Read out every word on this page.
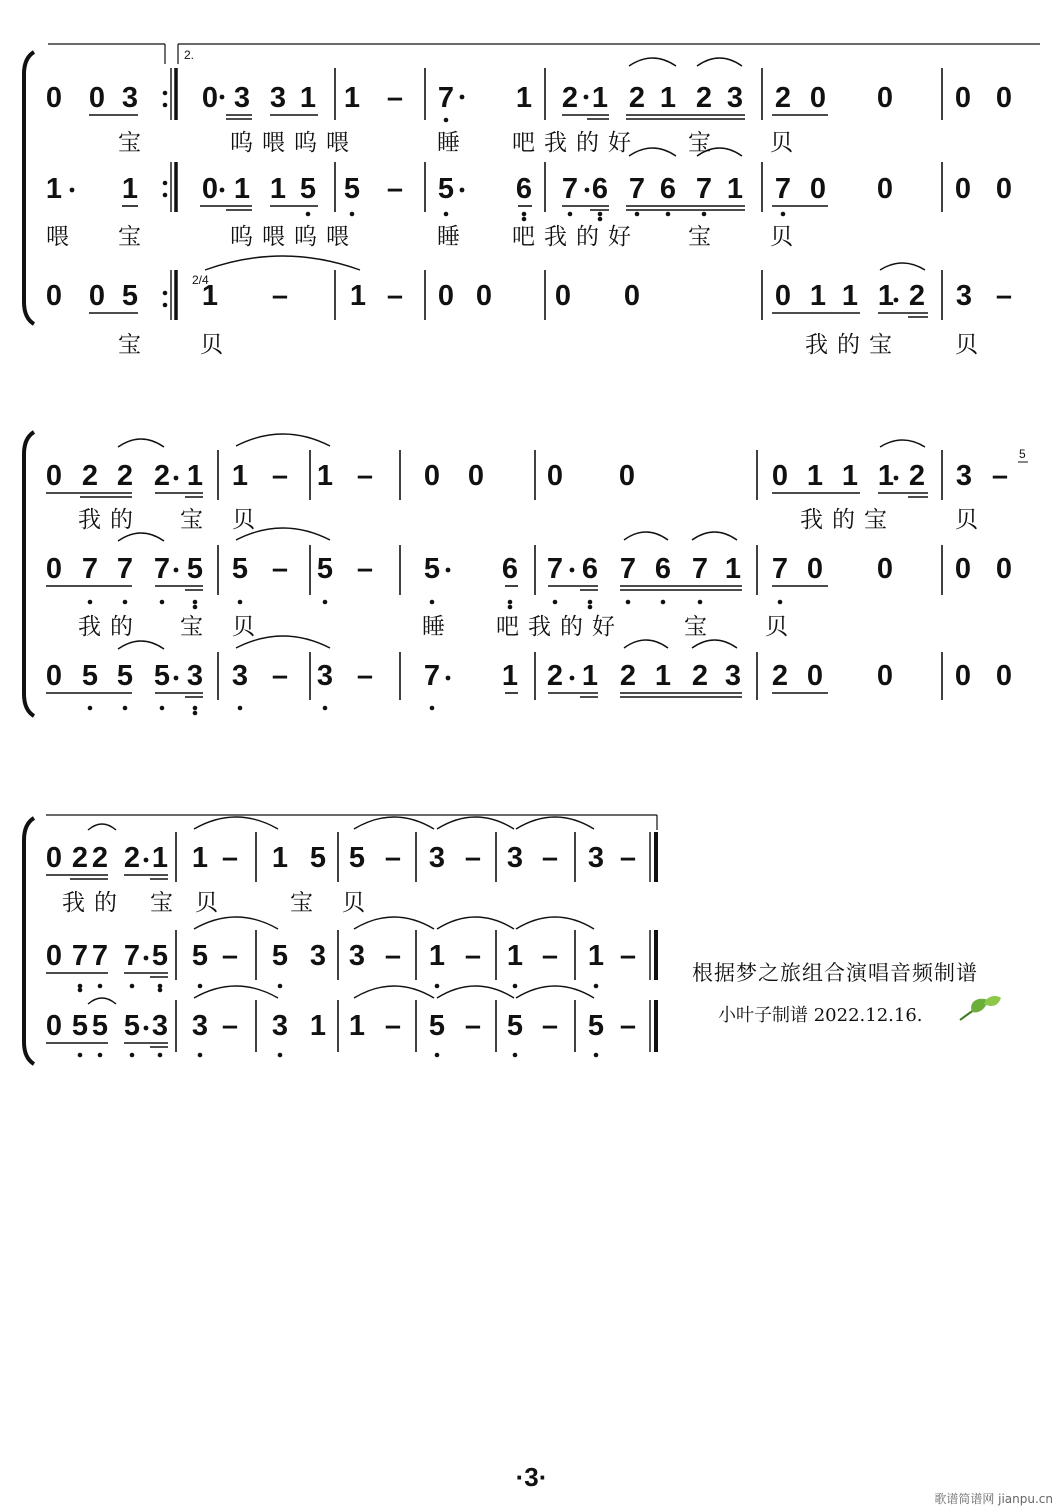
2.
0 0 3 0 3 3 1 1 – 7 1 2 1 2 1 2 3 2 0 0 0 0
宝	呜喂呜喂	睡 吧我的好 宝 贝
1 1 0 1 1 5 5 – 5 6 7 6 7 6 7 1 7 0 0 0 0
喂 宝	呜喂呜喂	睡 吧我的好 宝 贝
0 0 5 1 – 1 – 0 0 0 0	0 1 1 1 2 3 –
2/4
宝 贝	我的宝 贝
0 2 2 2 1 1 – 1 – 0 0 0 0	0 1 1 1 2 3 –
5
我的 宝 贝	我的宝	贝
0 7 7 7 5 5 – 5 – 5 6 7 6 7 6 7 1 7 0 0 0 0
我的 宝 贝	睡 吧我的好	宝 贝
0 5 5 5 3 3 – 3 – 7 1 2 1 2 1 2 3 2 0 0 0 0
0 2 2 2 1 1 – 1 5 5 – 3 – 3 – 3 –
我的 宝 贝	宝 贝
0 7 7 7 5 5 – 5 3 3 – 1 – 1 – 1 –
0 5 5 5 3 3 – 3 1 1 – 5 – 5 – 5 –
根据梦之旅组合演唱音频制谱
小叶子制谱 2022.12.16.
·3·
歌谱简谱网 jianpu.cn
